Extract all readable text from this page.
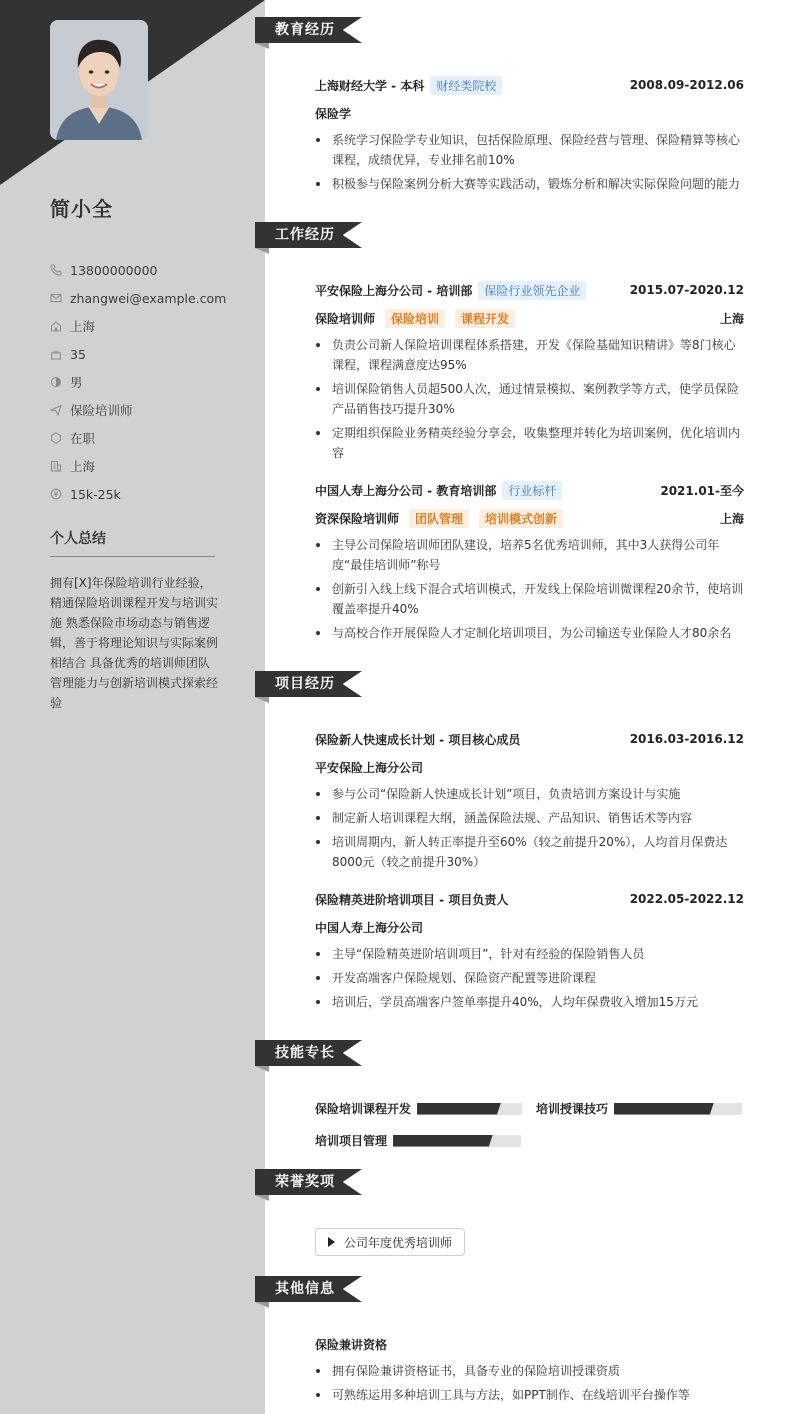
简小全
13800000000
zhangwei@example.com
上海
35
男
保险培训师
在职
上海
15k-25k
个人总结
拥有[X]年保险培训行业经验，精通保险培训课程开发与培训实施 熟悉保险市场动态与销售逻辑，善于将理论知识与实际案例相结合 具备优秀的培训师团队管理能力与创新培训模式探索经验
教育经历
上海财经大学 - 本科	财经类院校	2008.09-2012.06
保险学
系统学习保险学专业知识，包括保险原理、保险经营与管理、保险精算等核心课程，成绩优异，专业排名前10%
积极参与保险案例分析大赛等实践活动，锻炼分析和解决实际保险问题的能力
工作经历
平安保险上海分公司 - 培训部	保险行业领先企业	2015.07-2020.12
保险培训师	保险培训	课程开发	上海
负责公司新人保险培训课程体系搭建，开发《保险基础知识精讲》等8门核心课程，课程满意度达95%
培训保险销售人员超500人次，通过情景模拟、案例教学等方式，使学员保险产品销售技巧提升30%
定期组织保险业务精英经验分享会，收集整理并转化为培训案例，优化培训内容
中国人寿上海分公司 - 教育培训部	行业标杆	2021.01-至今
资深保险培训师	团队管理	培训模式创新	上海
主导公司保险培训师团队建设，培养5名优秀培训师，其中3人获得公司年度“最佳培训师”称号
创新引入线上线下混合式培训模式，开发线上保险培训微课程20余节，使培训覆盖率提升40%
与高校合作开展保险人才定制化培训项目，为公司输送专业保险人才80余名
项目经历
保险新人快速成长计划 - 项目核心成员	2016.03-2016.12
平安保险上海分公司
参与公司“保险新人快速成长计划”项目，负责培训方案设计与实施
制定新人培训课程大纲，涵盖保险法规、产品知识、销售话术等内容
培训周期内，新人转正率提升至60%（较之前提升20%），人均首月保费达8000元（较之前提升30%）
保险精英进阶培训项目 - 项目负责人	2022.05-2022.12
中国人寿上海分公司
主导“保险精英进阶培训项目”，针对有经验的保险销售人员
开发高端客户保险规划、保险资产配置等进阶课程
培训后，学员高端客户签单率提升40%，人均年保费收入增加15万元
技能专长
保险培训课程开发	培训授课技巧
培训项目管理
荣誉奖项
公司年度优秀培训师
其他信息
保险兼讲资格
拥有保险兼讲资格证书，具备专业的保险培训授课资质
可熟练运用多种培训工具与方法，如PPT制作、在线培训平台操作等
